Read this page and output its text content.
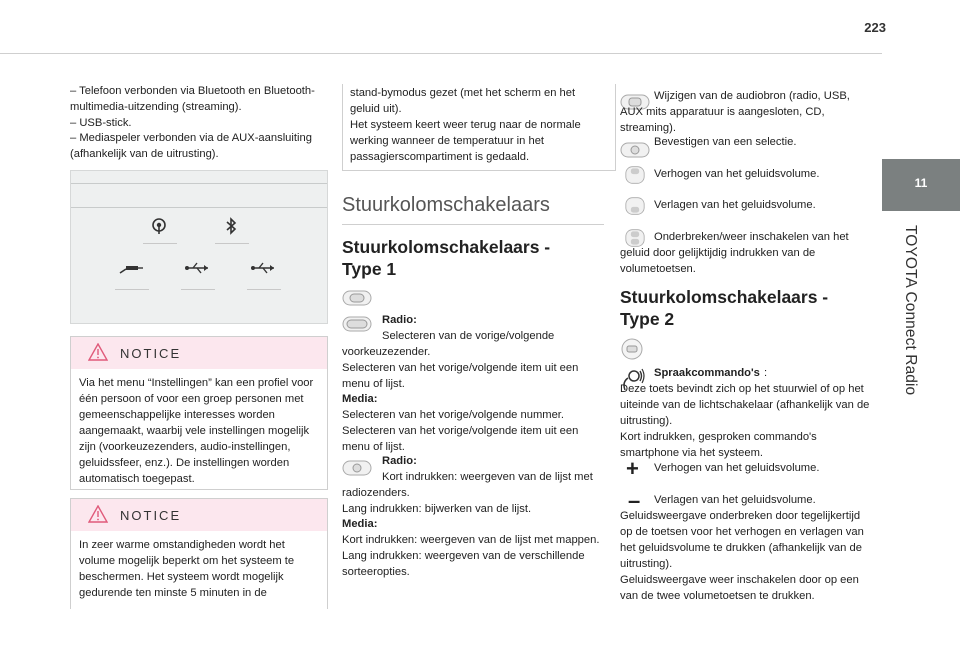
223
11
TOYOTA Connect Radio

– Telefoon verbonden via Bluetooth en Bluetooth-multimedia-uitzending (streaming).

– USB-stick.

– Mediaspeler verbonden via de AUX-aansluiting (afhankelijk van de uitrusting).

NOTICE
Via het menu “Instellingen” kan een profiel voor één persoon of voor een groep personen met gemeenschappelijke interesses worden aangemaakt, waarbij vele instellingen mogelijk zijn (voorkeuzezenders, audio-instellingen, geluidssfeer, enz.). De instellingen worden automatisch toegepast.
NOTICE
In zeer warme omstandigheden wordt het volume mogelijk beperkt om het systeem te beschermen. Het systeem wordt mogelijk gedurende ten minste 5 minuten in de
stand-bymodus gezet (met het scherm en het geluid uit).
Het systeem keert weer terug naar de normale werking wanneer de temperatuur in het passagierscompartiment is gedaald.
Stuurkolomschakelaars
Stuurkolomschakelaars -
Type 1
Radio:
Selecteren van de vorige/volgende voorkeuzezender.
Selecteren van het vorige/volgende item uit een menu of lijst.
Media:
Selecteren van het vorige/volgende nummer.
Selecteren van het vorige/volgende item uit een menu of lijst.
Radio:
Kort indrukken: weergeven van de lijst met radiozenders.
Lang indrukken: bijwerken van de lijst.
Media:
Kort indrukken: weergeven van de lijst met mappen.
Lang indrukken: weergeven van de verschillende sorteeropties.
Wijzigen van de audiobron (radio, USB, AUX mits apparatuur is aangesloten, CD, streaming).
Bevestigen van een selectie.
Verhogen van het geluidsvolume.
Verlagen van het geluidsvolume.
Onderbreken/weer inschakelen van het geluid door gelijktijdig indrukken van de volumetoetsen.
Stuurkolomschakelaars -
Type 2
Spraakcommando's :
Deze toets bevindt zich op het stuurwiel of op het uiteinde van de lichtschakelaar (afhankelijk van de uitrusting).
Kort indrukken, gesproken commando's smartphone via het systeem.
+ Verhogen van het geluidsvolume.
–	Verlagen van het geluidsvolume.
Geluidsweergave onderbreken door tegelijkertijd op de toetsen voor het verhogen en verlagen van het geluidsvolume te drukken (afhankelijk van de uitrusting).
Geluidsweergave weer inschakelen door op een van de twee volumetoetsen te drukken.
